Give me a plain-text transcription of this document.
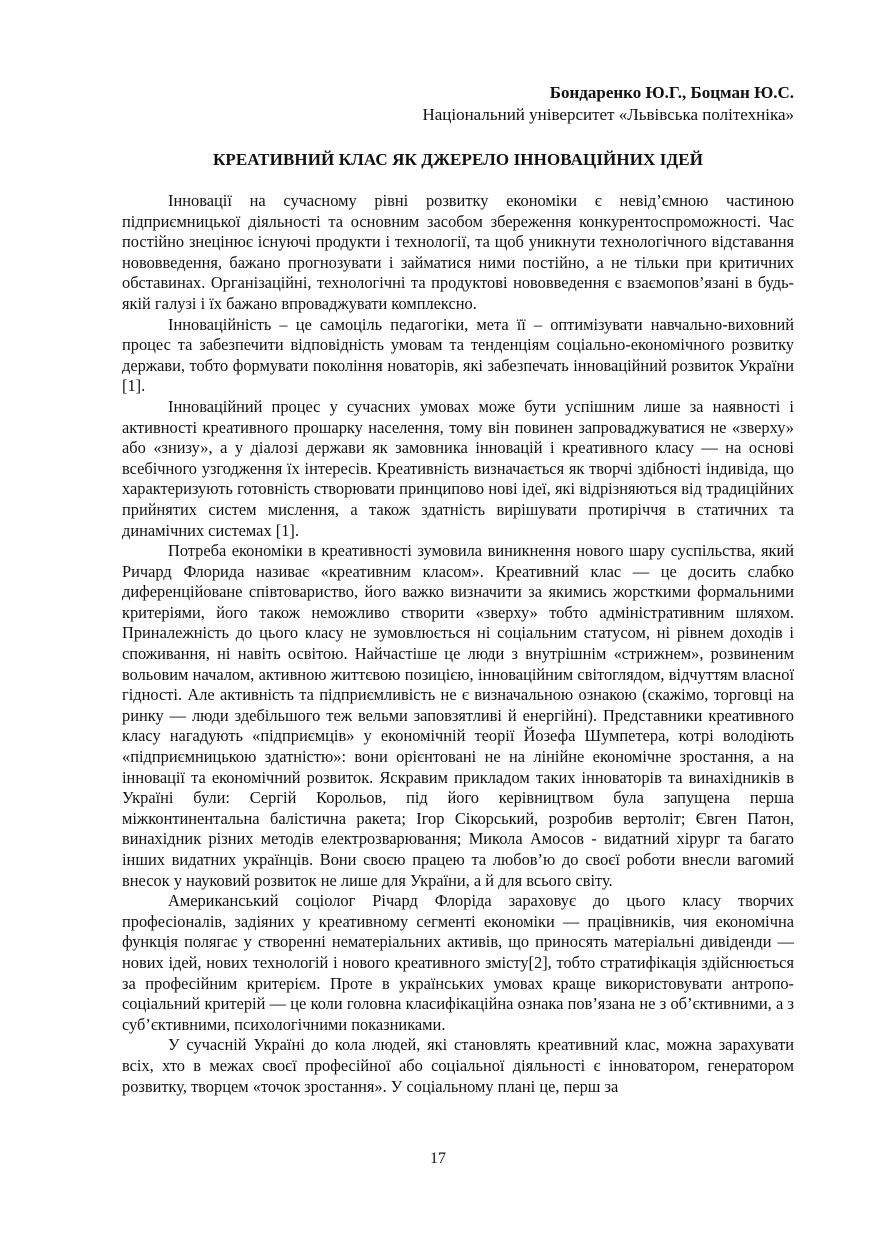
Бондаренко Ю.Г., Боцман Ю.С.

Національний університет «Львівська політехніка»

КРЕАТИВНИЙ КЛАС ЯК ДЖЕРЕЛО ІННОВАЦІЙНИХ ІДЕЙ

Інновації на сучасному рівні розвитку економіки є невід’ємною частиною підприємницької діяльності та основним засобом збереження конкурентоспроможності. Час постійно знецінює існуючі продукти і технології, та щоб уникнути технологічного відставання нововведення, бажано прогнозувати і займатися ними постійно, а не тільки при критичних обставинах. Організаційні, технологічні та продуктові нововведення є взаємопов’язані в будь-якій галузі і їх бажано впроваджувати комплексно.

Інноваційність – це самоціль педагогіки, мета її – оптимізувати навчально-виховний процес та забезпечити відповідність умовам та тенденціям соціально-економічного розвитку держави, тобто формувати покоління новаторів, які забезпечать інноваційний розвиток України [1].

Інноваційний процес у сучасних умовах може бути успішним лише за наявності і активності креативного прошарку населення, тому він повинен запроваджуватися не «зверху» або «знизу», а у діалозі держави як замовника інновацій і креативного класу — на основі всебічного узгодження їх інтересів. Креативність визначається як творчі здібності індивіда, що характеризують готовність створювати принципово нові ідеї, які відрізняються від традиційних прийнятих систем мислення, а також здатність вирішувати протиріччя в статичних та динамічних системах [1].

Потреба економіки в креативності зумовила виникнення нового шару суспільства, який Ричард Флорида називає «креативним класом». Креативний клас — це досить слабко диференційоване співтовариство, його важко визначити за якимись жорсткими формальними критеріями, його також неможливо створити «зверху» тобто адміністративним шляхом. Приналежність до цього класу не зумовлюється ні соціальним статусом, ні рівнем доходів і споживання, ні навіть освітою. Найчастіше це люди з внутрішнім «стрижнем», розвиненим вольовим началом, активною життєвою позицією, інноваційним світоглядом, відчуттям власної гідності. Але активність та підприємливість не є визначальною ознакою (скажімо, торговці на ринку — люди здебільшого теж вельми заповзятливі й енергійні). Представники креативного класу нагадують «підприємців» у економічній теорії Йозефа Шумпетера, котрі володіють «підприємницькою здатністю»: вони орієнтовані не на лінійне економічне зростання, а на інновації та економічний розвиток. Яскравим прикладом таких інноваторів та винахідників в Україні були: Сергій Корольов, під його керівництвом була запущена перша міжконтинентальна балістична ракета; Ігор Сікорський, розробив вертоліт; Євген Патон, винахідник різних методів електрозварювання; Микола Амосов - видатний хірург та багато інших видатних українців. Вони своєю працею та любов’ю до своєї роботи внесли вагомий внесок у науковий розвиток не лише для України, а й для всього світу.

Американський соціолог Річард Флоріда зараховує до цього класу творчих професіоналів, задіяних у креативному сегменті економіки — працівників, чия економічна функція полягає у створенні нематеріальних активів, що приносять матеріальні дивіденди — нових ідей, нових технологій і нового креативного змісту[2], тобто стратифікація здійснюється за професійним критерієм. Проте в українських умовах краще використовувати антропо-соціальний критерій — це коли головна класифікаційна ознака пов’язана не з об’єктивними, а з суб’єктивними, психологічними показниками.

У сучасній Україні до кола людей, які становлять креативний клас, можна зарахувати всіх, хто в межах своєї професійної або соціальної діяльності є інноватором, генератором розвитку, творцем «точок зростання». У соціальному плані це, перш за

17
